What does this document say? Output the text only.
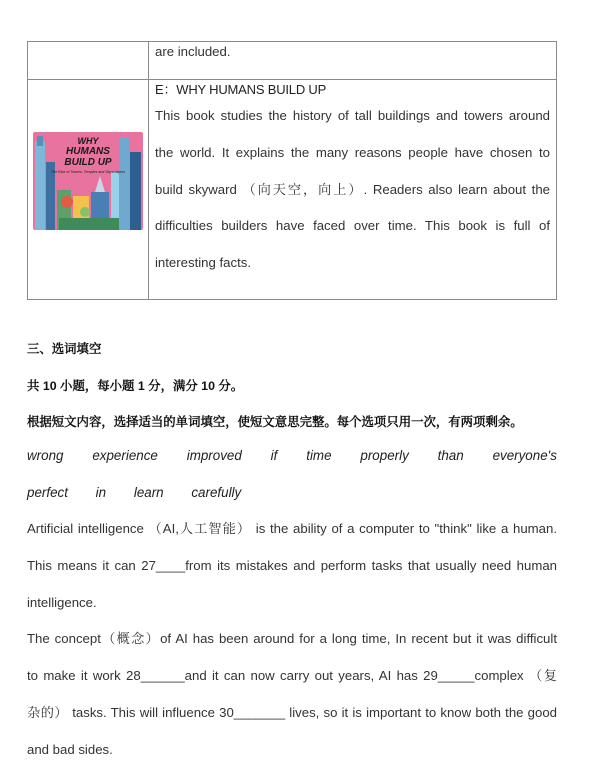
are included.
WHY
HUMANS
BUILD UP
The Rise of Towers, Temples and Skyscrapers
E：WHY HUMANS BUILD UP
This book studies the history of tall buildings and towers around
the world. It explains the many reasons people have chosen to
build skyward （向天空，向上）. Readers also learn about the
difficulties builders have faced over time. This book is full of
interesting facts.
三、选词填空
共 10 小题，每小题 1 分，满分 10 分。
根据短文内容，选择适当的单词填空，使短文意思完整。每个选项只用一次，有两项剩余。
wrong experience improved if time properly than everyone's
perfect in learn carefully

Artificial intelligence （AI,人工智能） is the ability of a computer to "think" like a human.

This means it can 27____from its mistakes and perform tasks that usually need human

intelligence.

The concept（概念）of AI has been around for a long time, In recent but it was difficult

to make it work 28______and it can now carry out years, AI has 29_____complex （复

杂的） tasks. This will influence 30_______ lives, so it is important to know both the good

and bad sides.
